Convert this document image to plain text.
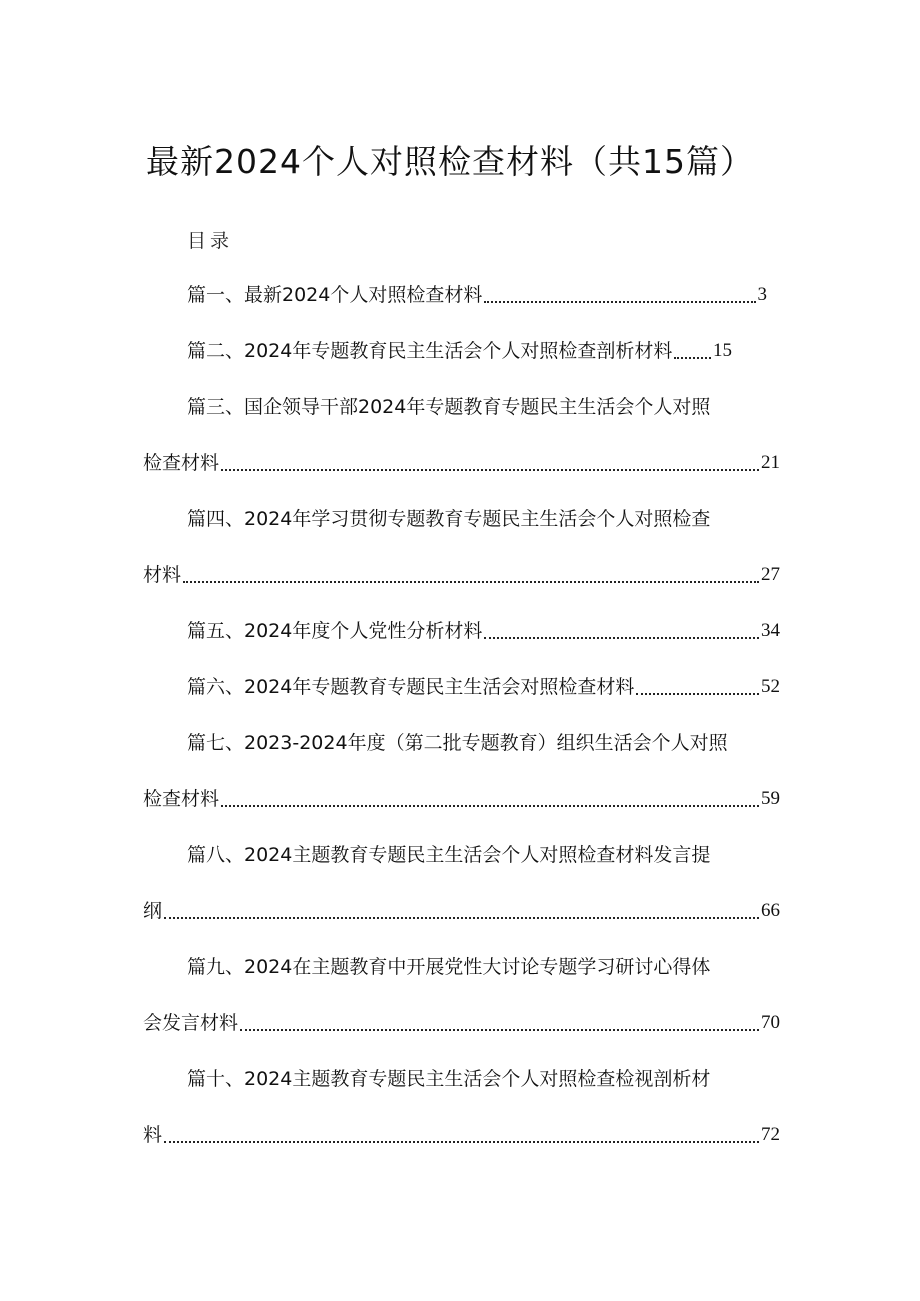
最新2024个人对照检查材料（共15篇）
目录
篇一、最新2024个人对照检查材料	3
篇二、2024年专题教育民主生活会个人对照检查剖析材料 15
篇三、国企领导干部2024年专题教育专题民主生活会个人对照
检查材料	21
篇四、2024年学习贯彻专题教育专题民主生活会个人对照检查
材料	27
篇五、2024年度个人党性分析材料	34
篇六、2024年专题教育专题民主生活会对照检查材料	52
篇七、2023-2024年度（第二批专题教育）组织生活会个人对照
检查材料	59
篇八、2024主题教育专题民主生活会个人对照检查材料发言提
纲	66
篇九、2024在主题教育中开展党性大讨论专题学习研讨心得体
会发言材料	70
篇十、2024主题教育专题民主生活会个人对照检查检视剖析材
料	72
